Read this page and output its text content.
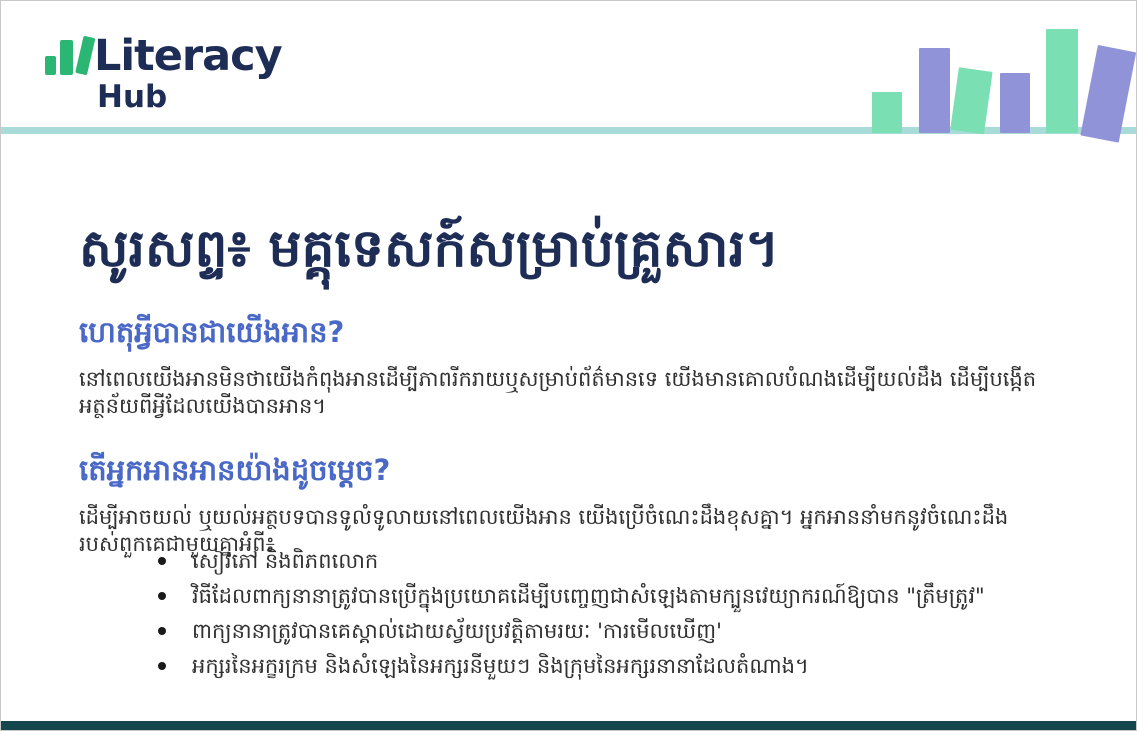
Literacy
Hub
សូរសព្ទ៖ មគ្គុទេសក៍សម្រាប់គ្រួសារ។
ហេតុអ្វីបានជាយើងអាន?

នៅពេលយើងអានមិនថាយើងកំពុងអានដើម្បីភាពរីករាយឬសម្រាប់ព័ត៌មានទេ យើងមានគោលបំណងដើម្បីយល់ដឹង ដើម្បីបង្កើតអត្ថន័យពីអ្វីដែលយើងបានអាន។

តើអ្នកអានអានយ៉ាងដូចម្ដេច?

ដើម្បីអាចយល់ ឬយល់អត្ថបទបានទូលំទូលាយនៅពេលយើងអាន យើងប្រើចំណេះដឹងខុសគ្នា។ អ្នកអាននាំមកនូវចំណេះដឹងរបស់ពួកគេជាមួយគ្នាអំពី៖

សៀវភៅ និងពិភពលោក
វិធីដែលពាក្យនានាត្រូវបានប្រើក្នុងប្រយោគដើម្បីបញ្ចេញជាសំឡេងតាមក្បួនវេយ្យាករណ៍ឱ្យបាន "ត្រឹមត្រូវ"
ពាក្យនានាត្រូវបានគេស្គាល់ដោយស្វ័យប្រវត្តិតាមរយៈ 'ការមើលឃើញ'
អក្សរនៃអក្ខរក្រម និងសំឡេងនៃអក្សរនីមួយៗ និងក្រុមនៃអក្សរនានាដែលតំណាង។
